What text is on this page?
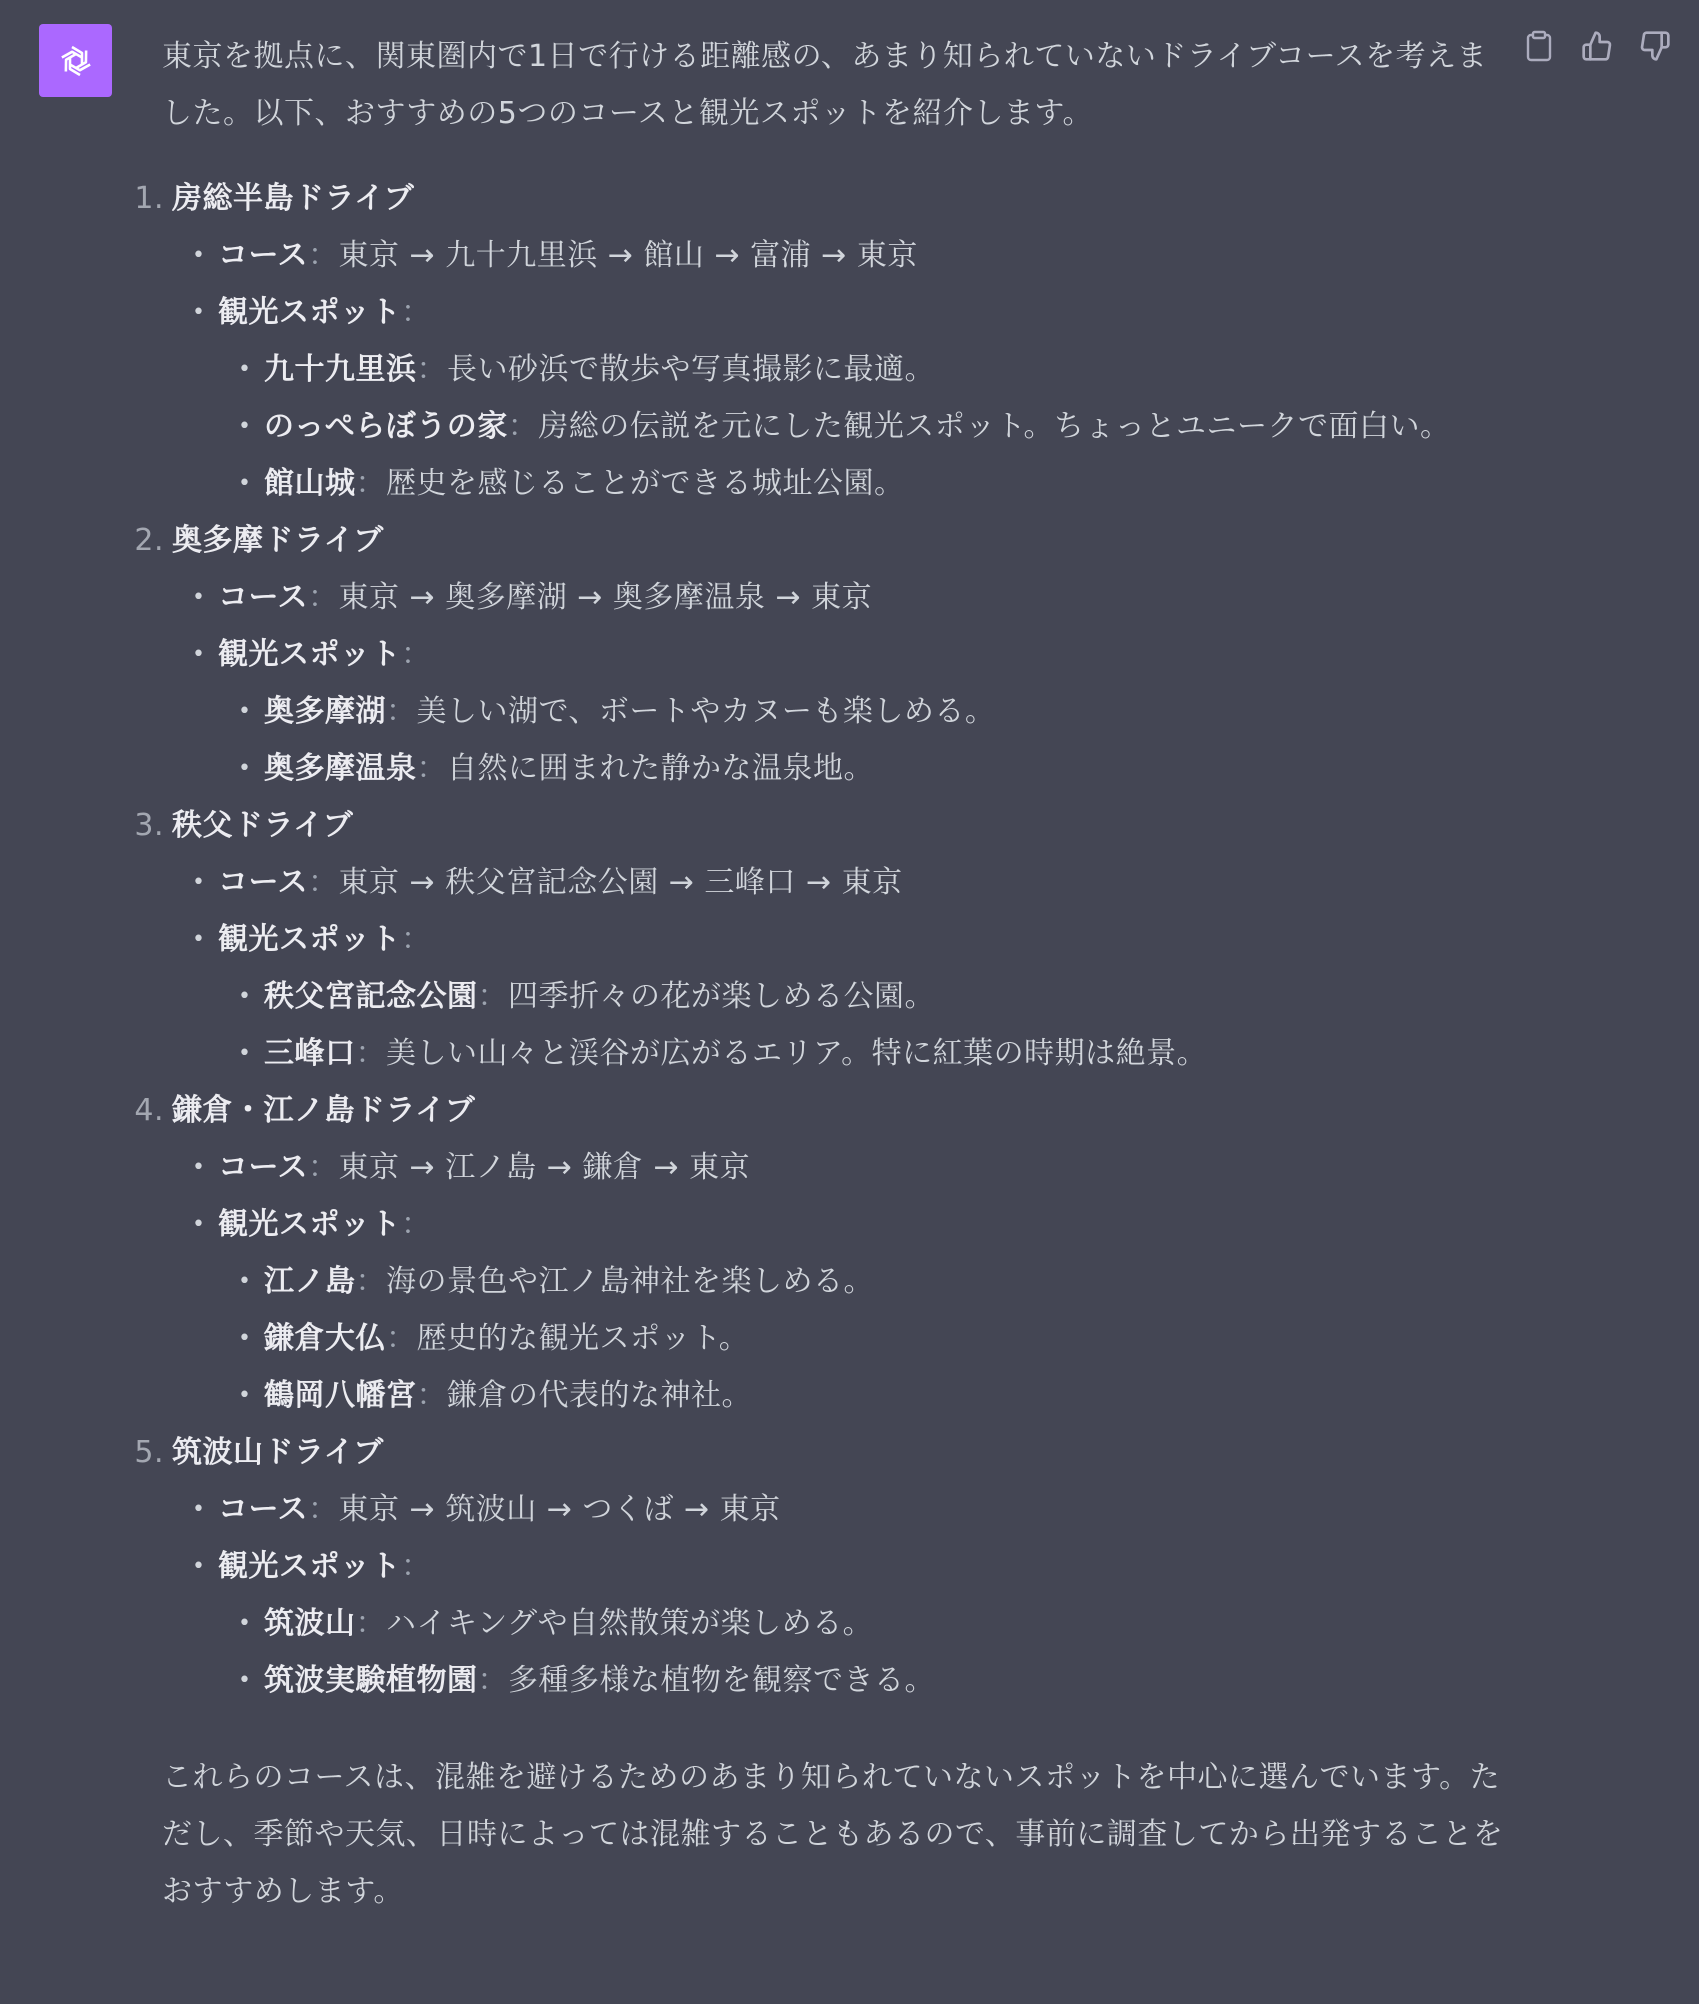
東京を拠点に、関東圏内で1日で行ける距離感の、あまり知られていないドライブコースを考えました。以下、おすすめの5つのコースと観光スポットを紹介します。

1. 房総半島ドライブ
•
コース：東京 → 九十九里浜 → 館山 → 富浦 → 東京
•
観光スポット：
•
九十九里浜：長い砂浜で散歩や写真撮影に最適。
•
のっぺらぼうの家：房総の伝説を元にした観光スポット。ちょっとユニークで面白い。
•
館山城：歴史を感じることができる城址公園。
2. 奥多摩ドライブ
•
コース：東京 → 奥多摩湖 → 奥多摩温泉 → 東京
•
観光スポット：
•
奥多摩湖：美しい湖で、ボートやカヌーも楽しめる。
•
奥多摩温泉：自然に囲まれた静かな温泉地。
3. 秩父ドライブ
•
コース：東京 → 秩父宮記念公園 → 三峰口 → 東京
•
観光スポット：
•
秩父宮記念公園：四季折々の花が楽しめる公園。
•
三峰口：美しい山々と渓谷が広がるエリア。特に紅葉の時期は絶景。
4. 鎌倉・江ノ島ドライブ
•
コース：東京 → 江ノ島 → 鎌倉 → 東京
•
観光スポット：
•
江ノ島：海の景色や江ノ島神社を楽しめる。
•
鎌倉大仏：歴史的な観光スポット。
•
鶴岡八幡宮：鎌倉の代表的な神社。
5. 筑波山ドライブ
•
コース：東京 → 筑波山 → つくば → 東京
•
観光スポット：
•
筑波山：ハイキングや自然散策が楽しめる。
•
筑波実験植物園：多種多様な植物を観察できる。

これらのコースは、混雑を避けるためのあまり知られていないスポットを中心に選んでいます。ただし、季節や天気、日時によっては混雑することもあるので、事前に調査してから出発することをおすすめします。
